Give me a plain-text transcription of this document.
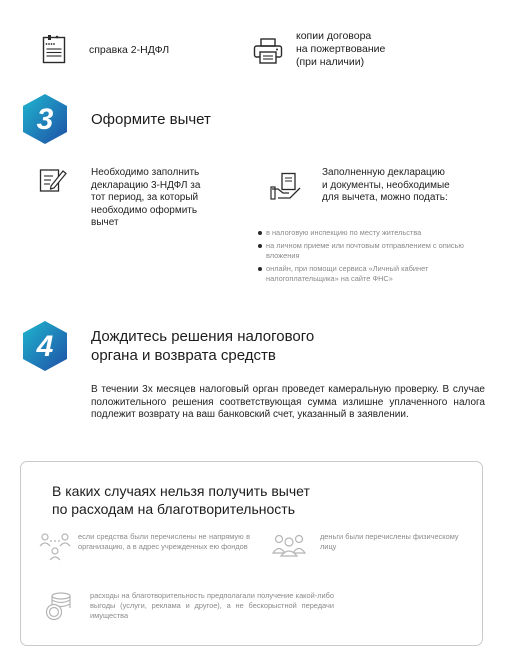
справка 2-НДФЛ
копии договора
на пожертвование
(при наличии)
3	Оформите вычет
Необходимо заполнить
декларацию 3-НДФЛ за
тот период, за который
необходимо оформить
вычет
Заполненную декларацию
и документы, необходимые
для вычета, можно подать:
в налоговую инспекцию по месту жительства
на личном приеме или почтовым отправлением с описью вложения
онлайн, при помощи сервиса «Личный кабинет налогоплательщика» на сайте ФНС»
4	Дождитесь решения налогового
органа и возврата средств
В течении 3х месяцев налоговый орган проведет камеральную проверку. В случае положительного решения соответствующая сумма излишне уплаченного налога подлежит возврату на ваш банковский счет, указанный в заявлении.
В каких случаях нельзя получить вычет
по расходам на благотворительность
если средства были перечислены не напрямую в организацию, а в адрес учрежденных ею фондов
деньги были перечислены физическому лицу
расходы на благотворительность предполагали получение какой-либо выгоды (услуги, реклама и другое), а не бескорыстной передачи имущества
